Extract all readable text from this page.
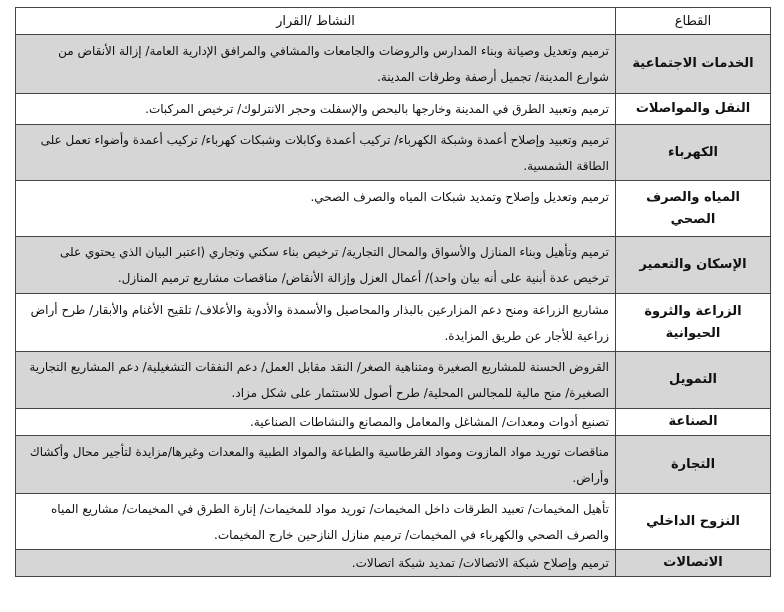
القطاع	النشاط /القرار
الخدمات الاجتماعية	ترميم وتعديل وصيانة وبناء المدارس والروضات والجامعات والمشافي والمرافق الإدارية العامة/ إزالة الأنقاض من شوارع المدينة/ تجميل أرصفة وطرقات المدينة.
النقل والمواصلات	ترميم وتعبيد الطرق في المدينة وخارجها بالبحص والإسفلت وحجر الانترلوك/ ترخيص المركبات.
الكهرباء	ترميم وتعبيد وإصلاح أعمدة وشبكة الكهرباء/ تركيب أعمدة وكابلات وشبكات كهرباء/ تركيب أعمدة وأضواء تعمل على الطاقة الشمسية.
المياه والصرف الصحي	ترميم وتعديل وإصلاح وتمديد شبكات المياه والصرف الصحي.
الإسكان والتعمير	ترميم وتأهيل وبناء المنازل والأسواق والمحال التجارية/ ترخيص بناء سكني وتجاري (اعتبر البيان الذي يحتوي على ترخيص عدة أبنية على أنه بيان واحد)/ أعمال العزل وإزالة الأنقاض/ مناقصات مشاريع ترميم المنازل.
الزراعة والثروة الحيوانية	مشاريع الزراعة ومنح دعم المزارعين بالبذار والمحاصيل والأسمدة والأدوية والأعلاف/ تلقيح الأغنام والأبقار/ طرح أراض زراعية للأجار عن طريق المزايدة.
التمويل	القروض الحسنة للمشاريع الصغيرة ومتناهية الصغر/ النقد مقابل العمل/ دعم النفقات التشغيلية/ دعم المشاريع التجارية الصغيرة/ منح مالية للمجالس المحلية/ طرح أصول للاستثمار على شكل مزاد.
الصناعة	تصنيع أدوات ومعدات/ المشاغل والمعامل والمصانع والنشاطات الصناعية.
التجارة	مناقصات توريد مواد المازوت ومواد القرطاسية والطباعة والمواد الطبية والمعدات وغيرها/مزايدة لتأجير محال وأكشاك وأراض.
النزوح الداخلي	تأهيل المخيمات/ تعبيد الطرقات داخل المخيمات/ توريد مواد للمخيمات/ إنارة الطرق في المخيمات/ مشاريع المياه والصرف الصحي والكهرباء في المخيمات/ ترميم منازل النازحين خارج المخيمات.
الاتصالات	ترميم وإصلاح شبكة الاتصالات/ تمديد شبكة اتصالات.
